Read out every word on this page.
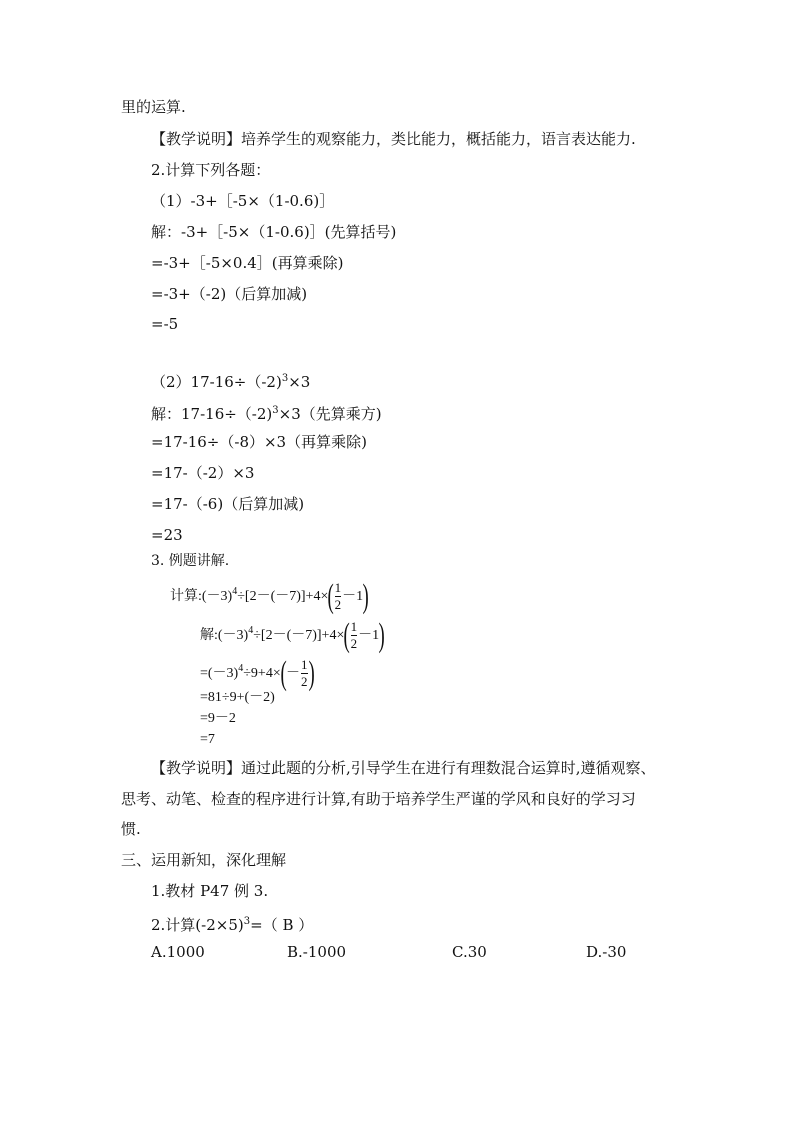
里的运算.
【教学说明】培养学生的观察能力，类比能力，概括能力，语言表达能力.
2.计算下列各题：
（1）-3+［-5×（1-0.6)］
解：-3+［-5×（1-0.6)］(先算括号)
=-3+［-5×0.4］(再算乘除)
=-3+（-2)（后算加减)
=-5
（2）17-16÷（-2)$^3$×3
解：17-16÷（-2)$^3$×3（先算乘方)
=17-16÷（-8）×3（再算乘除)
=17-（-2）×3
=17-（-6)（后算加减)
=23
3. 例题讲解.
计算$:(-3)^4\div[2-(-7)]+4\times( \frac{1}{2} -1)$
解$:(-3)^4\div[2-(-7)]+4\times( \frac{1}{2} -1)$
$=(-3)^4\div 9+4\times(- \frac{1}{2}$ )
=81÷9+(－2)
=9－2
=7
【教学说明】通过此题的分析,引导学生在进行有理数混合运算时,遵循观察、
思考、动笔、检查的程序进行计算,有助于培养学生严谨的学风和良好的学习习
惯.
三、运用新知，深化理解
1.教材 P47 例 3.
2.计算$(-2\times 5)^3=$（ B ）
A.1000	B.-1000	C.30	D.-30
